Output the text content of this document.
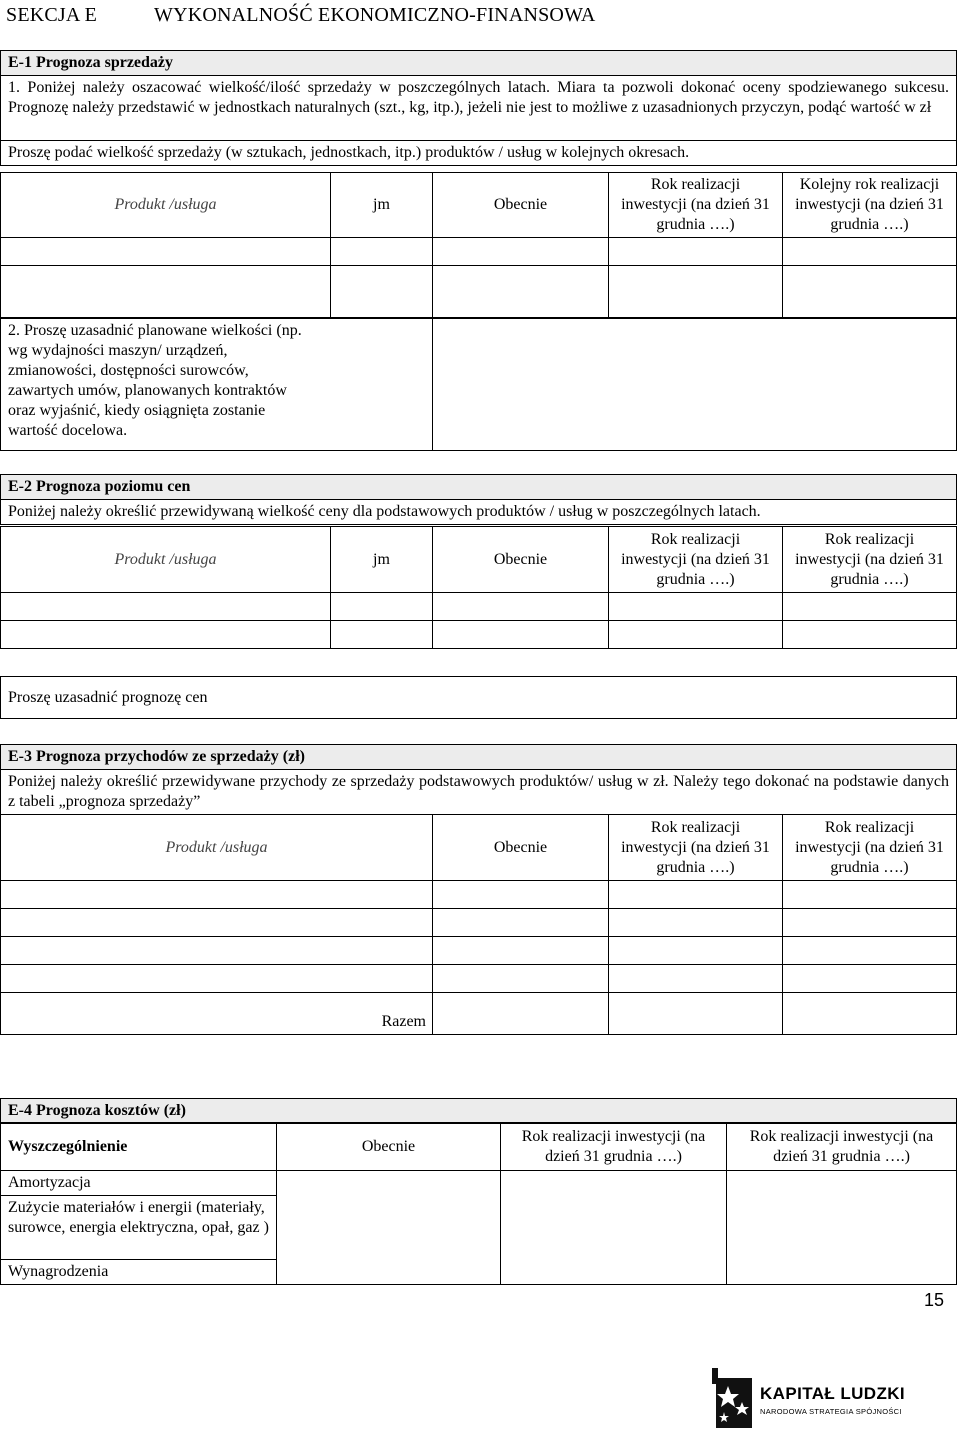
SEKCJA E	WYKONALNOŚĆ EKONOMICZNO-FINANSOWA
E-1 Prognoza sprzedaży
1. Poniżej należy oszacować wielkość/ilość sprzedaży w poszczególnych latach. Miara ta pozwoli dokonać oceny spodziewanego sukcesu. Prognozę należy przedstawić w jednostkach naturalnych (szt., kg, itp.), jeżeli nie jest to możliwe z uzasadnionych przyczyn, podąć wartość w zł
Proszę podać wielkość sprzedaży (w sztukach, jednostkach, itp.) produktów / usług w kolejnych okresach.
Produkt /usługa	jm	Obecnie	Rok realizacji inwestycji (na dzień 31 grudnia ….)	Kolejny rok realizacji inwestycji (na dzień 31 grudnia ….)

2. Proszę uzasadnić planowane wielkości (np. wg wydajności maszyn/ urządzeń, zmianowości, dostępności surowców, zawartych umów, planowanych kontraktów oraz wyjaśnić, kiedy osiągnięta zostanie wartość docelowa.	
E-2 Prognoza poziomu cen
Poniżej należy określić przewidywaną wielkość ceny dla podstawowych produktów / usług w poszczególnych latach.
Produkt /usługa	jm	Obecnie	Rok realizacji inwestycji (na dzień 31 grudnia ….)	Rok realizacji inwestycji (na dzień 31 grudnia ….)

Proszę uzasadnić prognozę cen
E-3 Prognoza przychodów ze sprzedaży (zł)
Poniżej należy określić przewidywane przychody ze sprzedaży podstawowych produktów/ usług w zł. Należy tego dokonać na podstawie danych z tabeli „prognoza sprzedaży”
Produkt /usługa	Obecnie	Rok realizacji inwestycji (na dzień 31 grudnia ….)	Rok realizacji inwestycji (na dzień 31 grudnia ….)

Razem			
E-4 Prognoza kosztów (zł)
Wyszczególnienie	Obecnie	Rok realizacji inwestycji (na dzień 31 grudnia ….)	Rok realizacji inwestycji (na dzień 31 grudnia ….)
Amortyzacja			
Zużycie materiałów i energii (materiały, surowce, energia elektryczna, opał, gaz )			
Wynagrodzenia			
15
KAPITAŁ LUDZKI
NARODOWA STRATEGIA SPÓJNOŚCI
